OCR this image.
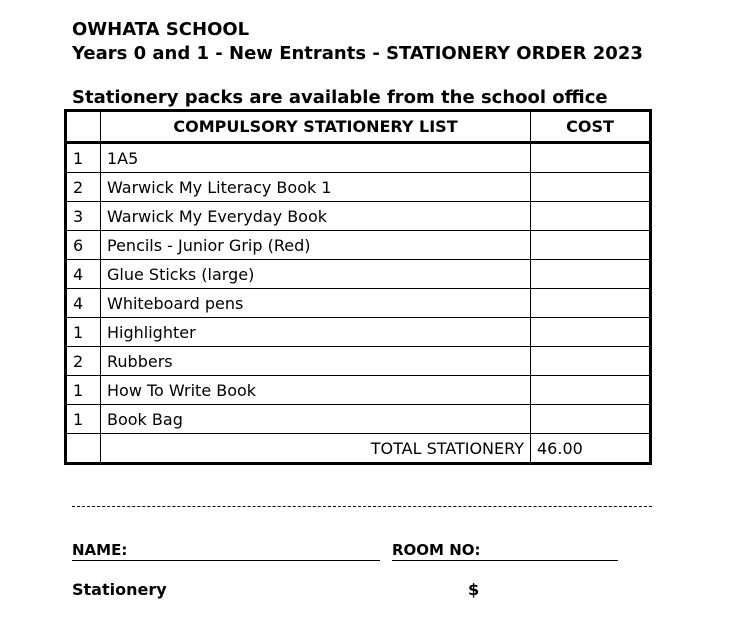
OWHATA SCHOOL
Years 0 and 1 - New Entrants - STATIONERY ORDER 2023
Stationery packs are available from the school office
	COMPULSORY STATIONERY LIST	COST
1	1A5	
2	Warwick My Literacy Book 1	
3	Warwick My Everyday Book	
6	Pencils - Junior Grip (Red)	
4	Glue Sticks (large)	
4	Whiteboard pens	
1	Highlighter	
2	Rubbers	
1	How To Write Book	
1	Book Bag	
	TOTAL STATIONERY	46.00
NAME:	ROOM NO:
Stationery	$
